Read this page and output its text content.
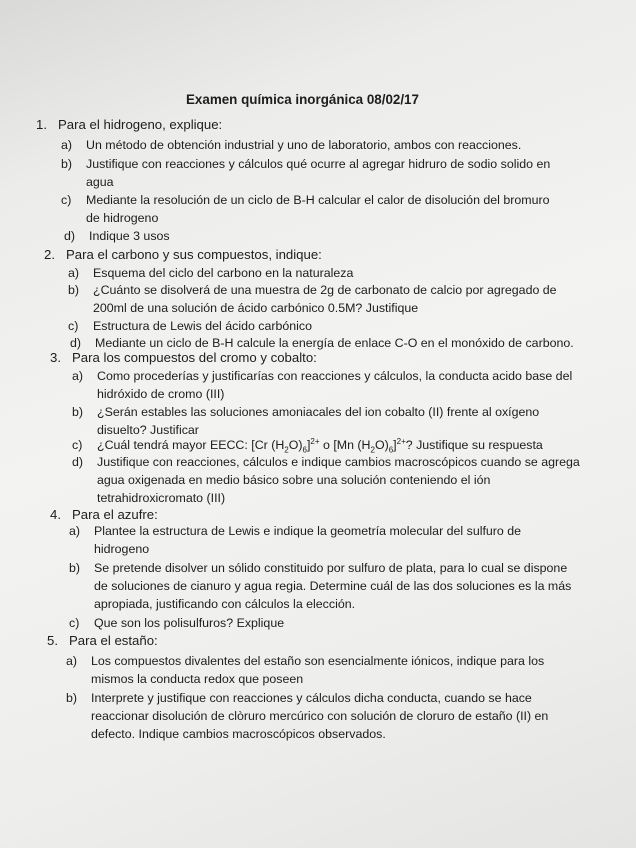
Examen química inorgánica 08/02/17
1. Para el hidrogeno, explique:
a) Un método de obtención industrial y uno de laboratorio, ambos con reacciones.
b) Justifique con reacciones y cálculos qué ocurre al agregar hidruro de sodio solido en
agua
c) Mediante la resolución de un ciclo de B-H calcular el calor de disolución del bromuro
de hidrogeno
d) Indique 3 usos
2. Para el carbono y sus compuestos, indique:
a) Esquema del ciclo del carbono en la naturaleza
b) ¿Cuánto se disolverá de una muestra de 2g de carbonato de calcio por agregado de
200ml de una solución de ácido carbónico 0.5M? Justifique
c) Estructura de Lewis del ácido carbónico
d) Mediante un ciclo de B-H calcule la energía de enlace C-O en el monóxido de carbono.
3. Para los compuestos del cromo y cobalto:
a) Como procederías y justificarías con reacciones y cálculos, la conducta acido base del
hidróxido de cromo (III)
b) ¿Serán estables las soluciones amoniacales del ion cobalto (II) frente al oxígeno
disuelto? Justificar
c) ¿Cuál tendrá mayor EECC: [Cr $(H_2O)_6]^{2+}$ o [Mn $(H_2O)_6]^{2+}$? Justifique su respuesta
d) Justifique con reacciones, cálculos e indique cambios macroscópicos cuando se agrega
agua oxigenada en medio básico sobre una solución conteniendo el ión
tetrahidroxicromato (III)
4. Para el azufre:
a) Plantee la estructura de Lewis e indique la geometría molecular del sulfuro de
hidrogeno
b) Se pretende disolver un sólido constituido por sulfuro de plata, para lo cual se dispone
de soluciones de cianuro y agua regia. Determine cuál de las dos soluciones es la más
apropiada, justificando con cálculos la elección.
c) Que son los polisulfuros? Explique
5. Para el estaño:
a) Los compuestos divalentes del estaño son esencialmente iónicos, indique para los
mismos la conducta redox que poseen
b) Interprete y justifique con reacciones y cálculos dicha conducta, cuando se hace
reaccionar disolución de clòruro mercúrico con solución de cloruro de estaño (II) en
defecto. Indique cambios macroscópicos observados.
